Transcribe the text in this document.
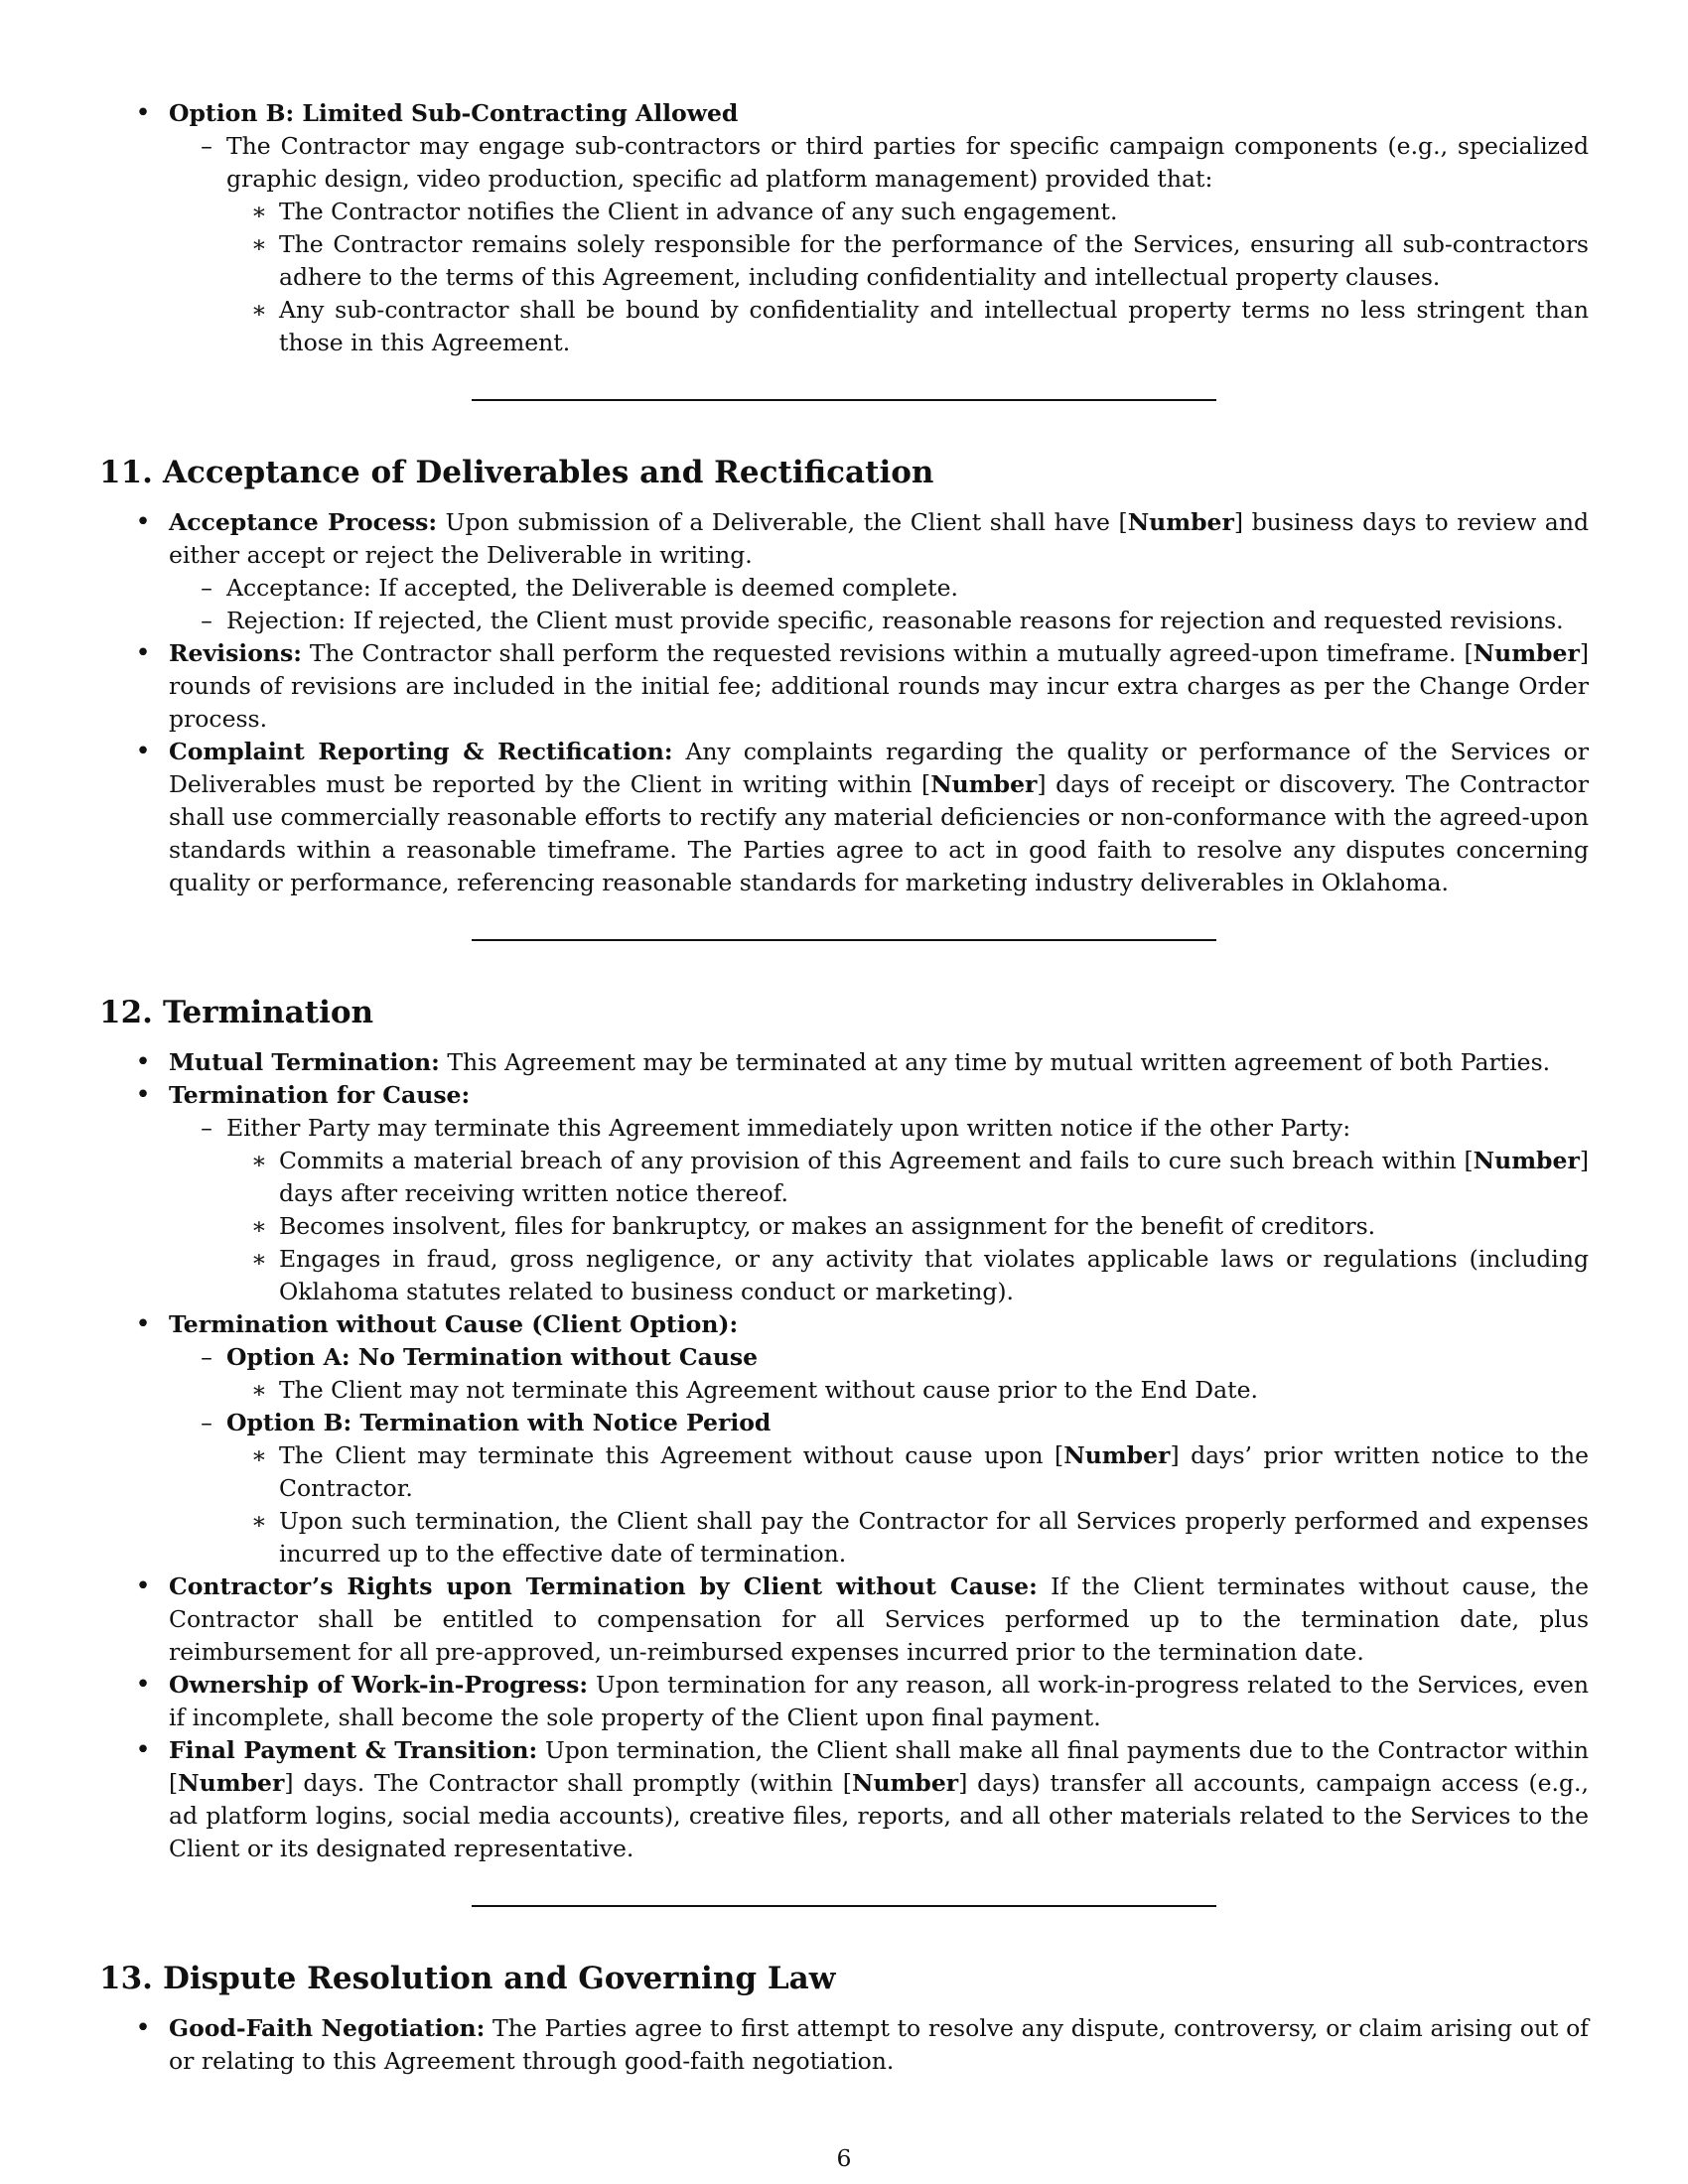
• Option B: Limited Sub-Contracting Allowed
– The Contractor may engage sub-contractors or third parties for specific campaign components (e.g., specialized graphic design, video production, specific ad platform management) provided that:
∗ The Contractor notifies the Client in advance of any such engagement.
∗ The Contractor remains solely responsible for the performance of the Services, ensuring all sub-contractors adhere to the terms of this Agreement, including confidentiality and intellectual property clauses.
∗ Any sub-contractor shall be bound by confidentiality and intellectual property terms no less stringent than those in this Agreement.
11. Acceptance of Deliverables and Rectification
• Acceptance Process: Upon submission of a Deliverable, the Client shall have [Number] business days to review and either accept or reject the Deliverable in writing.
– Acceptance: If accepted, the Deliverable is deemed complete.
– Rejection: If rejected, the Client must provide specific, reasonable reasons for rejection and requested revisions.
• Revisions: The Contractor shall perform the requested revisions within a mutually agreed-upon timeframe. [Number] rounds of revisions are included in the initial fee; additional rounds may incur extra charges as per the Change Order process.
• Complaint Reporting & Rectification: Any complaints regarding the quality or performance of the Services or Deliverables must be reported by the Client in writing within [Number] days of receipt or discovery. The Contractor shall use commercially reasonable efforts to rectify any material deficiencies or non-conformance with the agreed-upon standards within a reasonable timeframe. The Parties agree to act in good faith to resolve any disputes concerning quality or performance, referencing reasonable standards for marketing industry deliverables in Oklahoma.
12. Termination
• Mutual Termination: This Agreement may be terminated at any time by mutual written agreement of both Parties.
• Termination for Cause:
– Either Party may terminate this Agreement immediately upon written notice if the other Party:
∗ Commits a material breach of any provision of this Agreement and fails to cure such breach within [Number] days after receiving written notice thereof.
∗ Becomes insolvent, files for bankruptcy, or makes an assignment for the benefit of creditors.
∗ Engages in fraud, gross negligence, or any activity that violates applicable laws or regulations (including Oklahoma statutes related to business conduct or marketing).
• Termination without Cause (Client Option):
– Option A: No Termination without Cause
∗ The Client may not terminate this Agreement without cause prior to the End Date.
– Option B: Termination with Notice Period
∗ The Client may terminate this Agreement without cause upon [Number] days’ prior written notice to the Contractor.
∗ Upon such termination, the Client shall pay the Contractor for all Services properly performed and expenses incurred up to the effective date of termination.
• Contractor’s Rights upon Termination by Client without Cause: If the Client terminates without cause, the Contractor shall be entitled to compensation for all Services performed up to the termination date, plus reimbursement for all pre-approved, un-reimbursed expenses incurred prior to the termination date.
• Ownership of Work-in-Progress: Upon termination for any reason, all work-in-progress related to the Services, even if incomplete, shall become the sole property of the Client upon final payment.
• Final Payment & Transition: Upon termination, the Client shall make all final payments due to the Contractor within [Number] days. The Contractor shall promptly (within [Number] days) transfer all accounts, campaign access (e.g., ad platform logins, social media accounts), creative files, reports, and all other materials related to the Services to the Client or its designated representative.
13. Dispute Resolution and Governing Law
• Good-Faith Negotiation: The Parties agree to first attempt to resolve any dispute, controversy, or claim arising out of or relating to this Agreement through good-faith negotiation.
6
